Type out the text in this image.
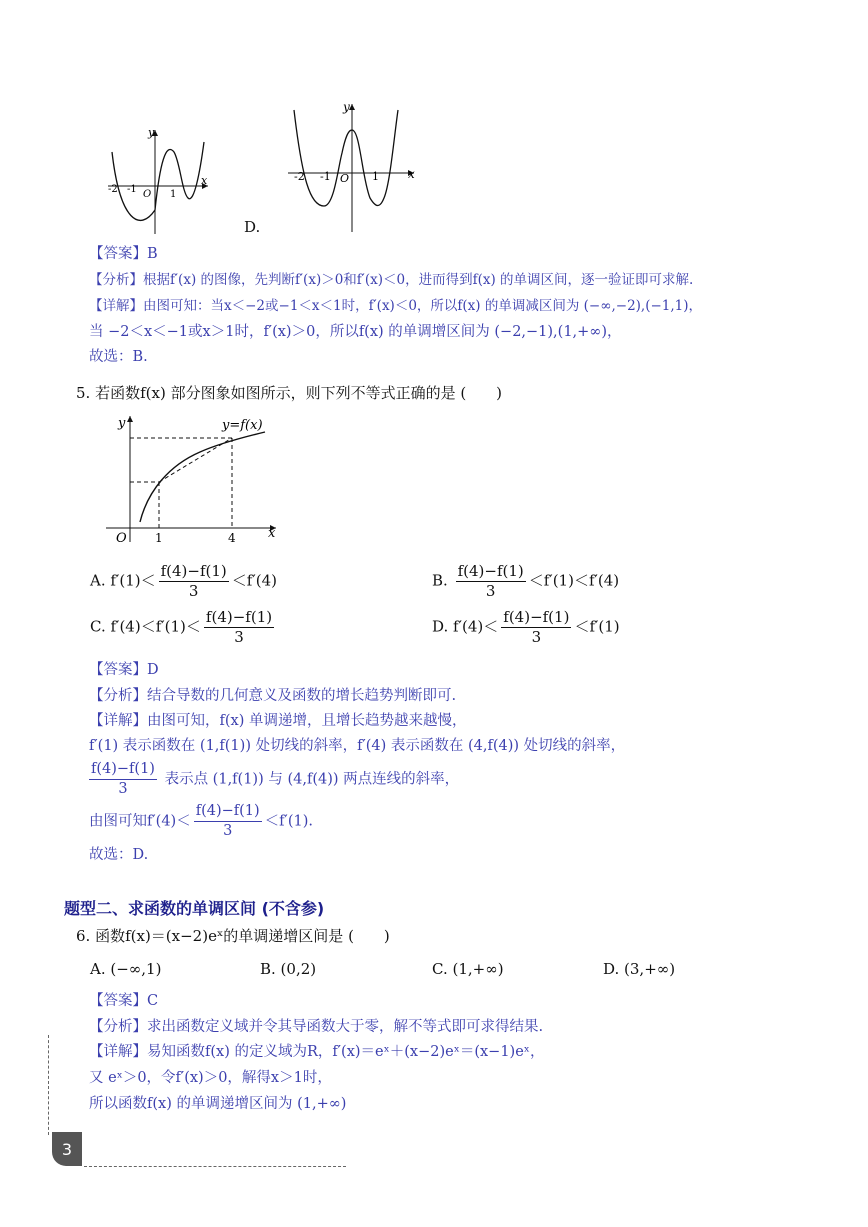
y
x
O
-2 -1	1
D.
y
x
O
-2 -1	1
【答案】B
【分析】根据f′(x) 的图像，先判断f′(x)＞0和f′(x)＜0，进而得到f(x) 的单调区间，逐一验证即可求解.
【详解】由图可知：当x＜−2或−1＜x＜1时，f′(x)＜0，所以f(x) 的单调减区间为 (−∞,−2),(−1,1)，
当 −2＜x＜−1或x＞1时，f′(x)＞0，所以f(x) 的单调增区间为 (−2,−1),(1,+∞)，
故选：B.
5. 若函数f(x) 部分图象如图所示，则下列不等式正确的是 (　　)
y
x
O
y=f(x)
1	4
A. $f'(1)< \frac{f(4)-f(1)}{3} <f'(4)$	B. $\frac{f(4)-f(1)}{3} <f'(1)<f'(4)$
C. $f'(4)<f'(1)< \frac{f(4)-f(1)}{3}$	D. $f'(4)< \frac{f(4)-f(1)}{3} <f'(1)$
【答案】D
【分析】结合导数的几何意义及函数的增长趋势判断即可.
【详解】由图可知，f(x) 单调递增，且增长趋势越来越慢，
f′(1) 表示函数在 (1,f(1)) 处切线的斜率，f′(4) 表示函数在 (4,f(4)) 处切线的斜率，
$\frac{f(4)-f(1)}{3}$ 表示点 (1,f(1)) 与 (4,f(4)) 两点连线的斜率，
由图可知$f'(4)< \frac{f(4)-f(1)}{3} <f'(1)$.
故选：D.
题型二、求函数的单调区间 (不含参)
6. 函数f(x)＝(x−2)eˣ的单调递增区间是 (　　)
A. (−∞,1)	B. (0,2)	C. (1,+∞)	D. (3,+∞)
【答案】C
【分析】求出函数定义域并令其导函数大于零，解不等式即可求得结果.
【详解】易知函数f(x) 的定义域为R，f′(x)＝eˣ＋(x−2)eˣ＝(x−1)eˣ，
又 eˣ＞0，令f′(x)＞0，解得x＞1时，
所以函数f(x) 的单调递增区间为 (1,+∞)
3
